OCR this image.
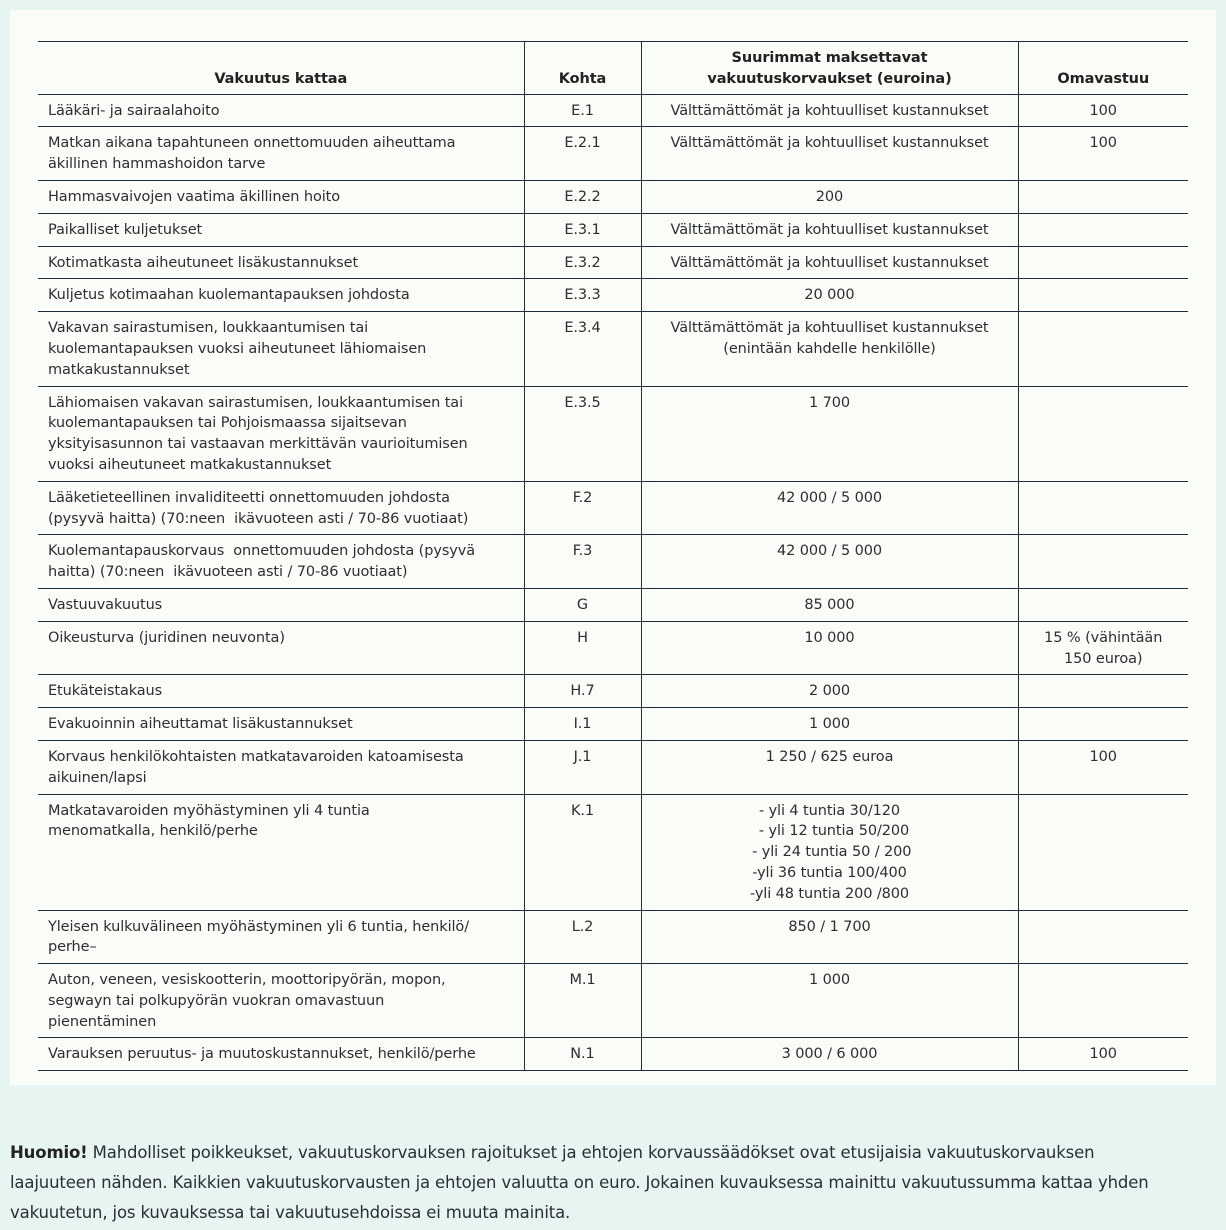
Vakuutus kattaa	Kohta	Suurimmat maksettavat
vakuutuskorvaukset (euroina)	Omavastuu

Lääkäri- ja sairaalahoito	E.1	Välttämättömät ja kohtuulliset kustannukset	100

Matkan aikana tapahtuneen onnettomuuden aiheuttama
äkillinen hammashoidon tarve	E.2.1	Välttämättömät ja kohtuulliset kustannukset	100

Hammasvaivojen vaatima äkillinen hoito	E.2.2	200	

Paikalliset kuljetukset	E.3.1	Välttämättömät ja kohtuulliset kustannukset	

Kotimatkasta aiheutuneet lisäkustannukset	E.3.2	Välttämättömät ja kohtuulliset kustannukset	

Kuljetus kotimaahan kuolemantapauksen johdosta	E.3.3	20 000	

Vakavan sairastumisen, loukkaantumisen tai
kuolemantapauksen vuoksi aiheutuneet lähiomaisen
matkakustannukset	E.3.4	Välttämättömät ja kohtuulliset kustannukset
(enintään kahdelle henkilölle)	

Lähiomaisen vakavan sairastumisen, loukkaantumisen tai
kuolemantapauksen tai Pohjoismaassa sijaitsevan
yksityisasunnon tai vastaavan merkittävän vaurioitumisen
vuoksi aiheutuneet matkakustannukset	E.3.5	1 700	

Lääketieteellinen invaliditeetti onnettomuuden johdosta
(pysyvä haitta) (70:neen  ikävuoteen asti / 70-86 vuotiaat)	F.2	42 000 / 5 000	

Kuolemantapauskorvaus  onnettomuuden johdosta (pysyvä
haitta) (70:neen  ikävuoteen asti / 70-86 vuotiaat)	F.3	42 000 / 5 000	

Vastuuvakuutus	G	85 000	

Oikeusturva (juridinen neuvonta)	H	10 000	15 % (vähintään
150 euroa)

Etukäteistakaus	H.7	2 000	

Evakuoinnin aiheuttamat lisäkustannukset	I.1	1 000	

Korvaus henkilökohtaisten matkatavaroiden katoamisesta
aikuinen/lapsi	J.1	1 250 / 625 euroa	100

Matkatavaroiden myöhästyminen yli 4 tuntia
menomatkalla, henkilö/perhe	K.1	- yli 4 tuntia 30/120
- yli 12 tuntia 50/200
- yli 24 tuntia 50 / 200
-yli 36 tuntia 100/400
-yli 48 tuntia 200 /800	

Yleisen kulkuvälineen myöhästyminen yli 6 tuntia, henkilö/
perhe–	L.2	850 / 1 700	

Auton, veneen, vesiskootterin, moottoripyörän, mopon,
segwayn tai polkupyörän vuokran omavastuun
pienentäminen	M.1	1 000	

Varauksen peruutus- ja muutoskustannukset, henkilö/perhe	N.1	3 000 / 6 000	100

Huomio! Mahdolliset poikkeukset, vakuutuskorvauksen rajoitukset ja ehtojen korvaussäädökset ovat etusijaisia vakuutuskorvauksen laajuuteen nähden. Kaikkien vakuutuskorvausten ja ehtojen valuutta on euro. Jokainen kuvauksessa mainittu vakuutussumma kattaa yhden vakuutetun, jos kuvauksessa tai vakuutusehdoissa ei muuta mainita.
